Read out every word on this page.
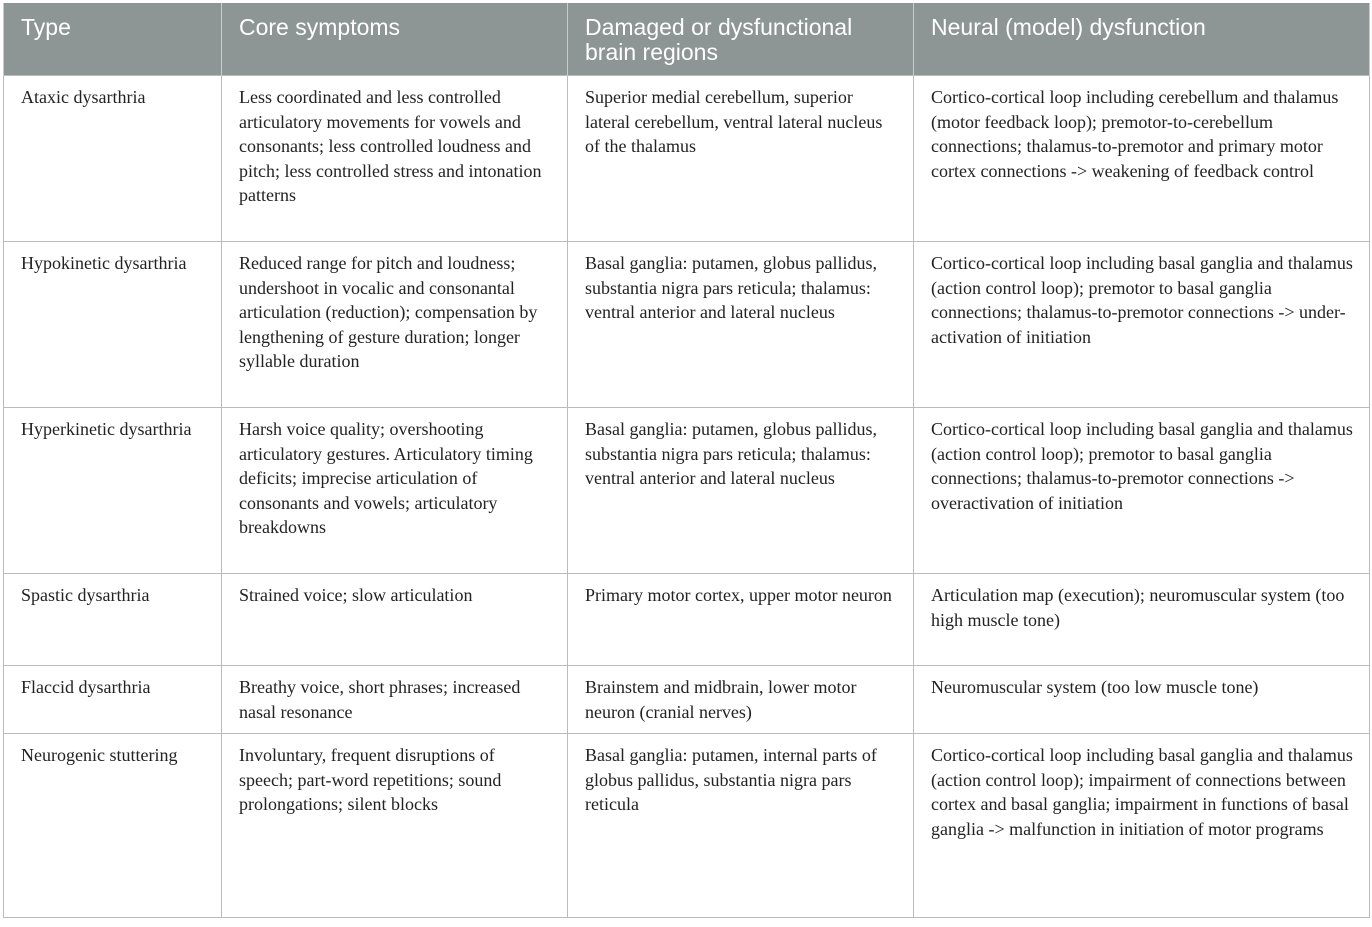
Type	Core symptoms	Damaged or dysfunctional brain regions	Neural (model) dysfunction
Ataxic dysarthria	Less coordinated and less controlled articulatory movements for vowels and consonants; less controlled loudness and pitch; less controlled stress and intonation patterns	Superior medial cerebellum, superior lateral cerebellum, ventral lateral nucleus of the thalamus	Cortico-cortical loop including cerebellum and thalamus (motor feedback loop); premotor-to-cerebellum connections; thalamus-to-premotor and primary motor cortex connections -> weakening of feedback control
Hypokinetic dysarthria	Reduced range for pitch and loudness; undershoot in vocalic and consonantal articulation (reduction); compensation by lengthening of gesture duration; longer syllable duration	Basal ganglia: putamen, globus pallidus, substantia nigra pars reticula; thalamus: ventral anterior and lateral nucleus	Cortico-cortical loop including basal ganglia and thalamus (action control loop); premotor to basal ganglia connections; thalamus-to-premotor connections -> under-activation of initiation
Hyperkinetic dysarthria	Harsh voice quality; overshooting articulatory gestures. Articulatory timing deficits; imprecise articulation of consonants and vowels; articulatory breakdowns	Basal ganglia: putamen, globus pallidus, substantia nigra pars reticula; thalamus: ventral anterior and lateral nucleus	Cortico-cortical loop including basal ganglia and thalamus (action control loop); premotor to basal ganglia connections; thalamus-to-premotor connections -> overactivation of initiation
Spastic dysarthria	Strained voice; slow articulation	Primary motor cortex, upper motor neuron	Articulation map (execution); neuromuscular system (too high muscle tone)
Flaccid dysarthria	Breathy voice, short phrases; increased nasal resonance	Brainstem and midbrain, lower motor neuron (cranial nerves)	Neuromuscular system (too low muscle tone)
Neurogenic stuttering	Involuntary, frequent disruptions of speech; part-word repetitions; sound prolongations; silent blocks	Basal ganglia: putamen, internal parts of globus pallidus, substantia nigra pars reticula	Cortico-cortical loop including basal ganglia and thalamus (action control loop); impairment of connections between cortex and basal ganglia; impairment in functions of basal ganglia -> malfunction in initiation of motor programs
